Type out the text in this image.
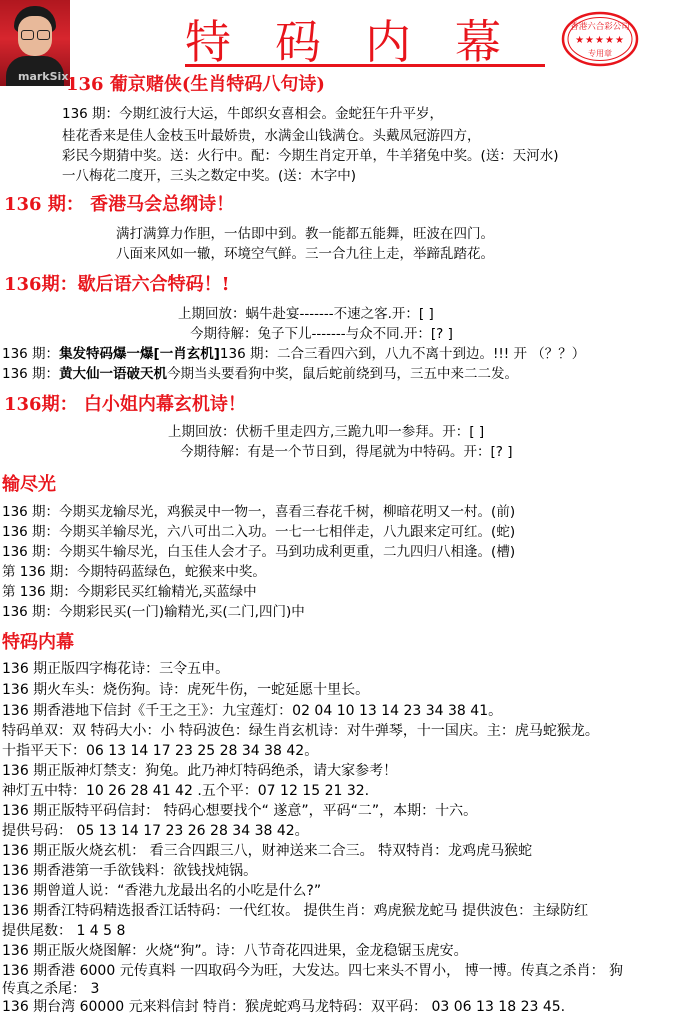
markSix
特码内幕	香港六合彩公司
★★★★★
专用章
136 葡京赌侠(生肖特码八句诗)
136 期：今期红波行大运，牛郎织女喜相会。金蛇狂午升平岁，
桂花香来是佳人金枝玉叶最娇贵，水满金山钱满仓。头戴凤冠游四方，
彩民今期猜中奖。送：火行中。配：今期生肖定开单，牛羊猪兔中奖。(送：天河水)
一八梅花二度开，三头之数定中奖。(送：木字中)
136 期： 香港马会总纲诗！
满打满算力作胆，一估即中到。教一能都五能舞，旺波在四门。
八面来风如一辙，环境空气鲜。三一合九往上走，举蹄乱踏花。
136期：歇后语六合特码！!
上期回放：蜗牛赴宴-------不速之客.开：[ ]
今期待解：兔子下儿-------与众不同.开：[? ]
136 期：集发特码爆一爆[一肖玄机]136 期：二合三看四六到，八九不离十到边。!!! 开 （？？）
136 期：黄大仙一语破天机今期当头要看狗中奖，鼠后蛇前绕到马，三五中来二二发。
136期： 白小姐内幕玄机诗！
上期回放：伏枥千里走四方,三跪九叩一参拜。开：[ ]
今期待解：有是一个节日到，得尾就为中特码。开：[? ]
输尽光
136 期：今期买龙输尽光，鸡猴灵中一物一，喜看三春花千树，柳暗花明又一村。(前)
136 期：今期买羊输尽光，六八可出二入功。一七一七相伴走，八九跟来定可红。(蛇)
136 期：今期买牛输尽光，白玉佳人会才子。马到功成利更重，二九四归八相逢。(槽)
第 136 期：今期特码蓝绿色，蛇猴来中奖。
第 136 期：今期彩民买红输精光,买蓝绿中
136 期：今期彩民买(一门)输精光,买(二门,四门)中
特码内幕
136 期正版四字梅花诗：三令五申。
136 期火车头：烧伤狗。诗：虎死牛伤，一蛇延愿十里长。
136 期香港地下信封《千王之王》：九宝莲灯：02 04 10 13 14 23 34 38 41。
特码单双：双 特码大小：小 特码波色：绿生肖玄机诗：对牛弹琴，十一国庆。主：虎马蛇猴龙。
十指平天下：06 13 14 17 23 25 28 34 38 42。
136 期正版神灯禁支：狗兔。此乃神灯特码绝杀，请大家参考！
神灯五中特：10 26 28 41 42 .五个平：07 12 15 21 32.
136 期正版特平码信封： 特码心想要找个“ 遂意”，平码“二”，本期：十六。
提供号码： 05 13 14 17 23 26 28 34 38 42。
136 期正版火烧玄机： 看三合四跟三八，财神送来二合三。 特双特肖：龙鸡虎马猴蛇
136 期香港第一手欲钱料：欲钱找炖锅。
136 期曾道人说：“香港九龙最出名的小吃是什么?”
136 期香江特码精选报香江话特码：一代红妆。 提供生肖：鸡虎猴龙蛇马 提供波色：主绿防红
提供尾数： 1 4 5 8
136 期正版火烧图解：火烧“狗”。诗：八节奇花四进果，金龙稳锯玉虎安。
136 期香港 6000 元传真料 一四取码今为旺，大发达。四七来头不胃小， 博一博。传真之杀肖： 狗
传真之杀尾： 3
136 期台湾 60000 元来料信封 特肖：猴虎蛇鸡马龙特码：双平码： 03 06 13 18 23 45.
